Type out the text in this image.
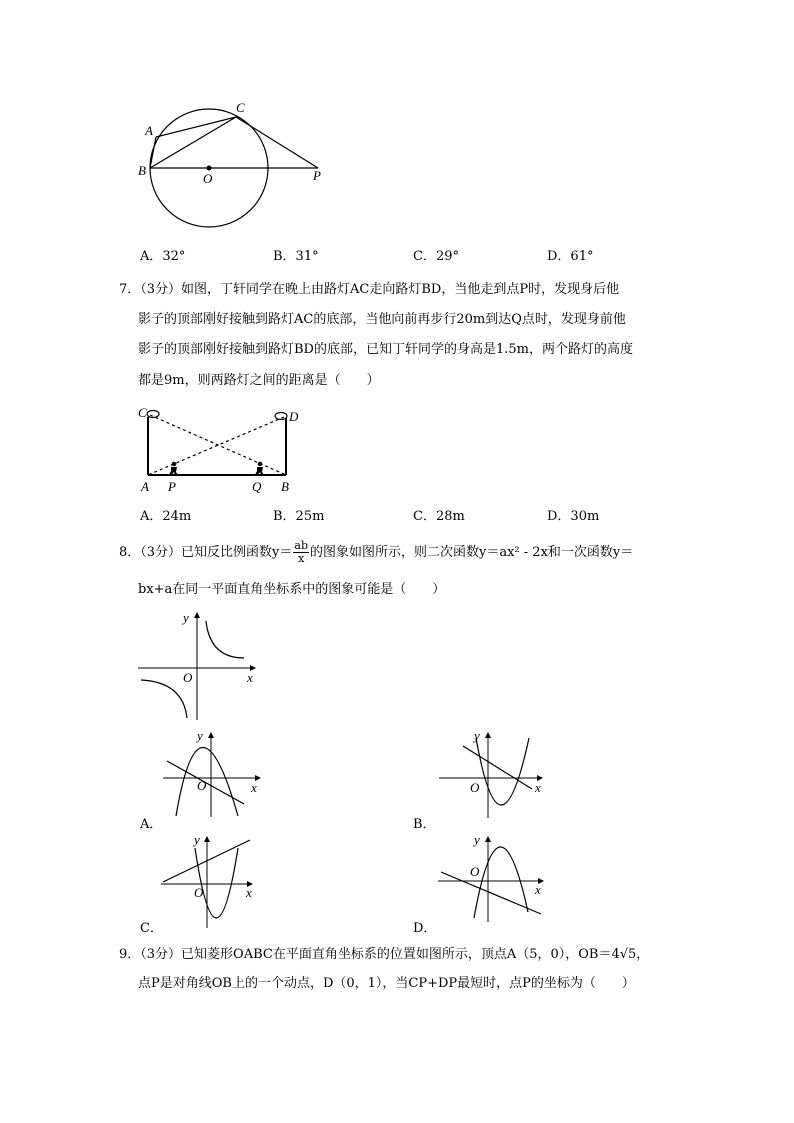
C
A
B
O	P
A．32°	B．31°	C．29°	D．61°
7．（3分）如图，丁轩同学在晚上由路灯AC走向路灯BD，当他走到点P时，发现身后他
影子的顶部刚好接触到路灯AC的底部，当他向前再步行20m到达Q点时，发现身前他
影子的顶部刚好接触到路灯BD的底部，已知丁轩同学的身高是1.5m，两个路灯的高度
都是9m，则两路灯之间的距离是（　　）
C	D
A P	Q B
A．24m	B．25m	C．28m	D．30m
8．（3分）已知反比例函数$y= \frac{ab}{x}$ 的图象如图所示，则二次函数y＝ax² - 2x和一次函数y＝
bx+a在同一平面直角坐标系中的图象可能是（　　）
y
O	x
y
O	x
A．
y
O	x
B．
y
O	x
C．
y
O
x
D．
9．（3分）已知菱形OABC在平面直角坐标系的位置如图所示，顶点A（5，0），OB＝4√5，
点P是对角线OB上的一个动点，D（0，1），当CP+DP最短时，点P的坐标为（　　）
